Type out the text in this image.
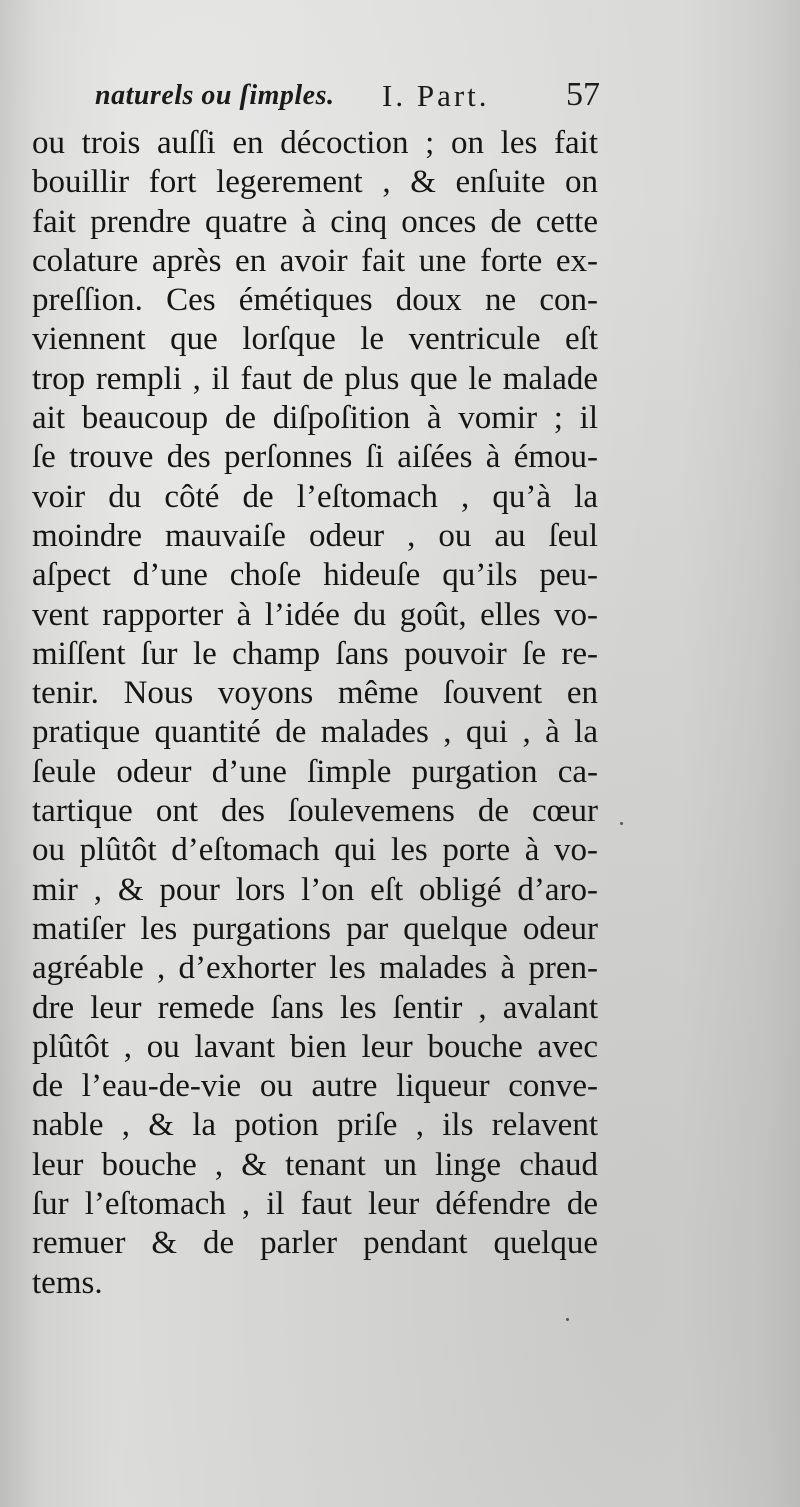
naturels ou ſimples. I. Part. 57
ou trois auſſi en décoction ; on les fait
bouillir fort legerement , & enſuite on
fait prendre quatre à cinq onces de cette
colature après en avoir fait une forte ex-
preſſion. Ces émétiques doux ne con-
viennent que lorſque le ventricule eſt
trop rempli , il faut de plus que le malade
ait beaucoup de diſpoſition à vomir ; il
ſe trouve des perſonnes ſi aiſées à émou-
voir du côté de l’eſtomach , qu’à la
moindre mauvaiſe odeur , ou au ſeul
aſpect d’une choſe hideuſe qu’ils peu-
vent rapporter à l’idée du goût, elles vo-
miſſent ſur le champ ſans pouvoir ſe re-
tenir. Nous voyons même ſouvent en
pratique quantité de malades , qui , à la
ſeule odeur d’une ſimple purgation ca-
tartique ont des ſoulevemens de cœur
ou plûtôt d’eſtomach qui les porte à vo-
mir , & pour lors l’on eſt obligé d’aro-
matiſer les purgations par quelque odeur
agréable , d’exhorter les malades à pren-
dre leur remede ſans les ſentir , avalant
plûtôt , ou lavant bien leur bouche avec
de l’eau-de-vie ou autre liqueur conve-
nable , & la potion priſe , ils relavent
leur bouche , & tenant un linge chaud
ſur l’eſtomach , il faut leur défendre de
remuer & de parler pendant quelque
tems.
